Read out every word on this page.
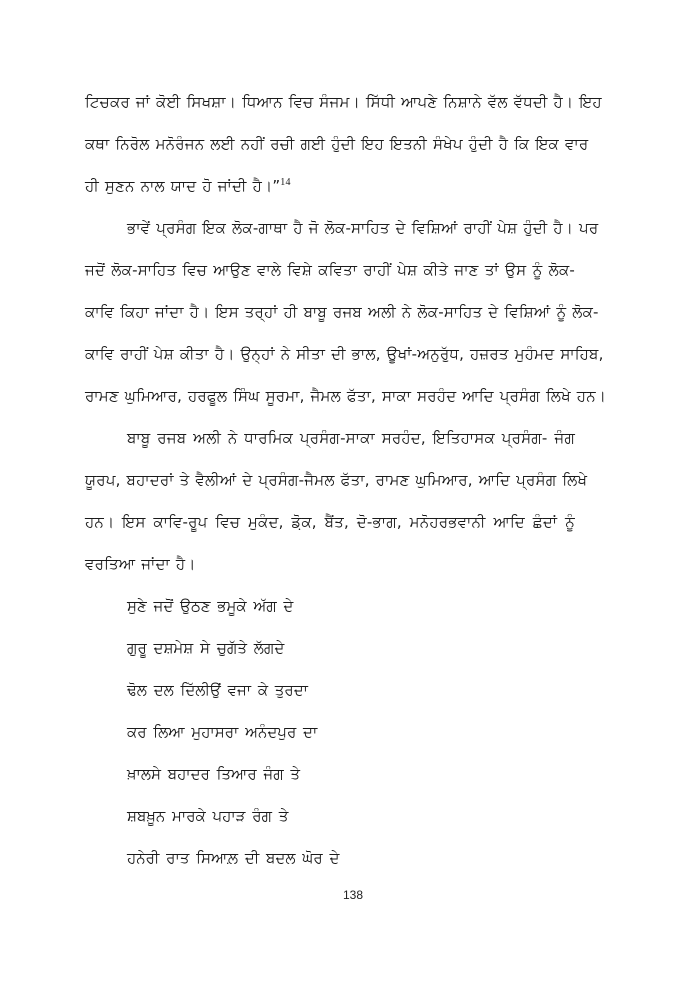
ਟਿਚਕਰ ਜਾਂ ਕੋਈ ਸਿਖਸ਼ਾ। ਧਿਆਨ ਵਿਚ ਸੰਜਮ। ਸਿੱਧੀ ਆਪਣੇ ਨਿਸ਼ਾਨੇ ਵੱਲ ਵੱਧਦੀ ਹੈ। ਇਹ
ਕਥਾ ਨਿਰੋਲ ਮਨੋਰੰਜਨ ਲਈ ਨਹੀਂ ਰਚੀ ਗਈ ਹੁੰਦੀ ਇਹ ਇਤਨੀ ਸੰਖੇਪ ਹੁੰਦੀ ਹੈ ਕਿ ਇਕ ਵਾਰ
ਹੀ ਸੁਣਨ ਨਾਲ ਯਾਦ ਹੋ ਜਾਂਦੀ ਹੈ।”$^{14}$
ਭਾਵੇਂ ਪ੍ਰਸੰਗ ਇਕ ਲੋਕ-ਗਾਥਾ ਹੈ ਜੋ ਲੋਕ-ਸਾਹਿਤ ਦੇ ਵਿਸ਼ਿਆਂ ਰਾਹੀਂ ਪੇਸ਼ ਹੁੰਦੀ ਹੈ। ਪਰ
ਜਦੋਂ ਲੋਕ-ਸਾਹਿਤ ਵਿਚ ਆਉਣ ਵਾਲੇ ਵਿਸ਼ੇ ਕਵਿਤਾ ਰਾਹੀਂ ਪੇਸ਼ ਕੀਤੇ ਜਾਣ ਤਾਂ ਉਸ ਨੂੰ ਲੋਕ-
ਕਾਵਿ ਕਿਹਾ ਜਾਂਦਾ ਹੈ। ਇਸ ਤਰ੍ਹਾਂ ਹੀ ਬਾਬੂ ਰਜਬ ਅਲੀ ਨੇ ਲੋਕ-ਸਾਹਿਤ ਦੇ ਵਿਸ਼ਿਆਂ ਨੂੰ ਲੋਕ-
ਕਾਵਿ ਰਾਹੀਂ ਪੇਸ਼ ਕੀਤਾ ਹੈ। ਉਨ੍ਹਾਂ ਨੇ ਸੀਤਾ ਦੀ ਭਾਲ, ਊਖਾਂ-ਅਨੁਰੁੱਧ, ਹਜ਼ਰਤ ਮੁਹੰਮਦ ਸਾਹਿਬ,
ਰਾਮਣ ਘੁਮਿਆਰ, ਹਰਫੂਲ ਸਿੰਘ ਸੂਰਮਾ, ਜੈਮਲ ਫੱਤਾ, ਸਾਕਾ ਸਰਹੰਦ ਆਦਿ ਪ੍ਰਸੰਗ ਲਿਖੇ ਹਨ।
ਬਾਬੂ ਰਜਬ ਅਲੀ ਨੇ ਧਾਰਮਿਕ ਪ੍ਰਸੰਗ-ਸਾਕਾ ਸਰਹੰਦ, ਇਤਿਹਾਸਕ ਪ੍ਰਸੰਗ- ਜੰਗ
ਯੂਰਪ, ਬਹਾਦਰਾਂ ਤੇ ਵੈਲੀਆਂ ਦੇ ਪ੍ਰਸੰਗ-ਜੈਮਲ ਫੱਤਾ, ਰਾਮਣ ਘੁਮਿਆਰ, ਆਦਿ ਪ੍ਰਸੰਗ ਲਿਖੇ
ਹਨ। ਇਸ ਕਾਵਿ-ਰੂਪ ਵਿਚ ਮੁਕੰਦ, ਡ਼ੋਕ, ਬੈਂਤ, ਦੋ-ਭਾਗ, ਮਨੋਹਰਭਵਾਨੀ ਆਦਿ ਛੰਦਾਂ ਨੂੰ
ਵਰਤਿਆ ਜਾਂਦਾ ਹੈ।
ਸੁਣੇ ਜਦੋਂ ਉਠਣ ਭਮੂਕੇ ਅੱਗ ਦੇ
ਗੁਰੂ ਦਸ਼ਮੇਸ਼ ਸੇ ਚੁਗੱਤੇ ਲੱਗਦੇ
ਢੋਲ ਦਲ ਦਿੱਲੀਉਂ ਵਜਾ ਕੇ ਤੁਰਦਾ
ਕਰ ਲਿਆ ਮੁਹਾਸਰਾ ਅਨੰਦਪੁਰ ਦਾ
ਖ਼ਾਲਸੇ ਬਹਾਦਰ ਤਿਆਰ ਜੰਗ ਤੇ
ਸ਼ਬਖ਼ੂਨ ਮਾਰਕੇ ਪਹਾੜ ਰੰਗ ਤੇ
ਹਨੇਰੀ ਰਾਤ ਸਿਆਲ਼ ਦੀ ਬਦਲ ਘੋਰ ਦੇ
138
